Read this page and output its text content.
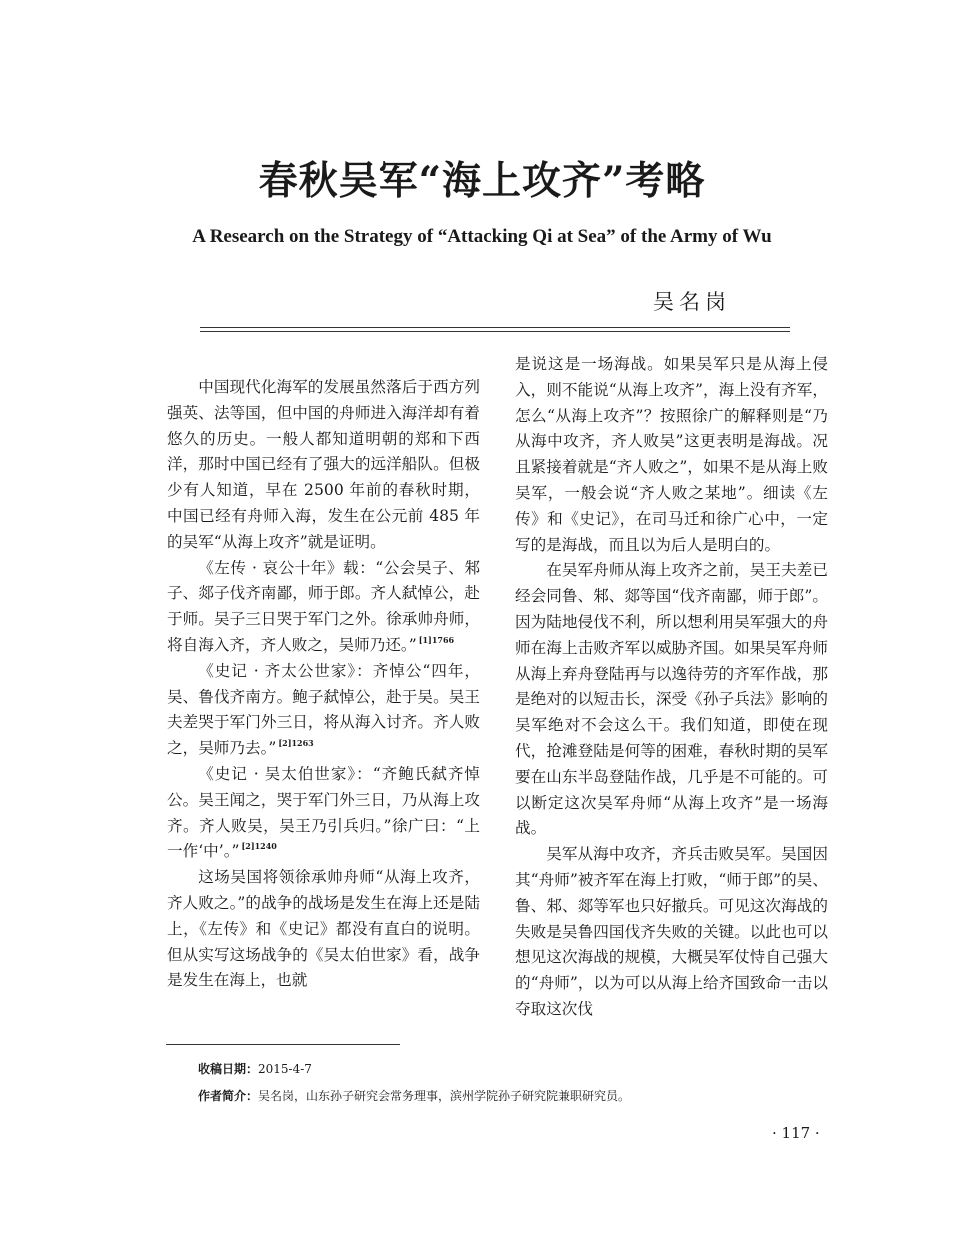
春秋吴军“海上攻齐”考略
A Research on the Strategy of “Attacking Qi at Sea” of the Army of Wu
吴名岗

中国现代化海军的发展虽然落后于西方列强英、法等国，但中国的舟师进入海洋却有着悠久的历史。一般人都知道明朝的郑和下西洋，那时中国已经有了强大的远洋船队。但极少有人知道，早在 2500 年前的春秋时期，中国已经有舟师入海，发生在公元前 485 年的吴军“从海上攻齐”就是证明。

《左传 · 哀公十年》载：“公会吴子、邾子、郯子伐齐南鄙，师于郎。齐人弑悼公，赴于师。吴子三日哭于军门之外。徐承帅舟师，将自海入齐，齐人败之，吴师乃还。” $^{[1]1766}$

《史记 · 齐太公世家》：齐悼公“四年，吴、鲁伐齐南方。鲍子弑悼公，赴于吴。吴王夫差哭于军门外三日，将从海入讨齐。齐人败之，吴师乃去。” $^{[2]1263}$

《史记 · 吴太伯世家》：“齐鲍氏弑齐悼公。吴王闻之，哭于军门外三日，乃从海上攻齐。齐人败吴，吴王乃引兵归。”徐广曰：“上一作‘中’。” $^{[2]1240}$

这场吴国将领徐承帅舟师“从海上攻齐，齐人败之。”的战争的战场是发生在海上还是陆上，《左传》和《史记》都没有直白的说明。但从实写这场战争的《吴太伯世家》看，战争是发生在海上，也就

是说这是一场海战。如果吴军只是从海上侵入，则不能说“从海上攻齐”，海上没有齐军，怎么“从海上攻齐”？按照徐广的解释则是“乃从海中攻齐，齐人败吴”这更表明是海战。况且紧接着就是“齐人败之”，如果不是从海上败吴军，一般会说“齐人败之某地”。细读《左传》和《史记》，在司马迁和徐广心中，一定写的是海战，而且以为后人是明白的。

在吴军舟师从海上攻齐之前，吴王夫差已经会同鲁、邾、郯等国“伐齐南鄙，师于郎”。因为陆地侵伐不利，所以想利用吴军强大的舟师在海上击败齐军以威胁齐国。如果吴军舟师从海上弃舟登陆再与以逸待劳的齐军作战，那是绝对的以短击长，深受《孙子兵法》影响的吴军绝对不会这么干。我们知道，即使在现代，抢滩登陆是何等的困难，春秋时期的吴军要在山东半岛登陆作战，几乎是不可能的。可以断定这次吴军舟师“从海上攻齐”是一场海战。

吴军从海中攻齐，齐兵击败吴军。吴国因其“舟师”被齐军在海上打败，“师于郎”的吴、鲁、邾、郯等军也只好撤兵。可见这次海战的失败是吴鲁四国伐齐失败的关键。以此也可以想见这次海战的规模，大概吴军仗恃自己强大的“舟师”，以为可以从海上给齐国致命一击以夺取这次伐

收稿日期：2015-4-7
作者简介：吴名岗，山东孙子研究会常务理事，滨州学院孙子研究院兼职研究员。
· 117 ·
